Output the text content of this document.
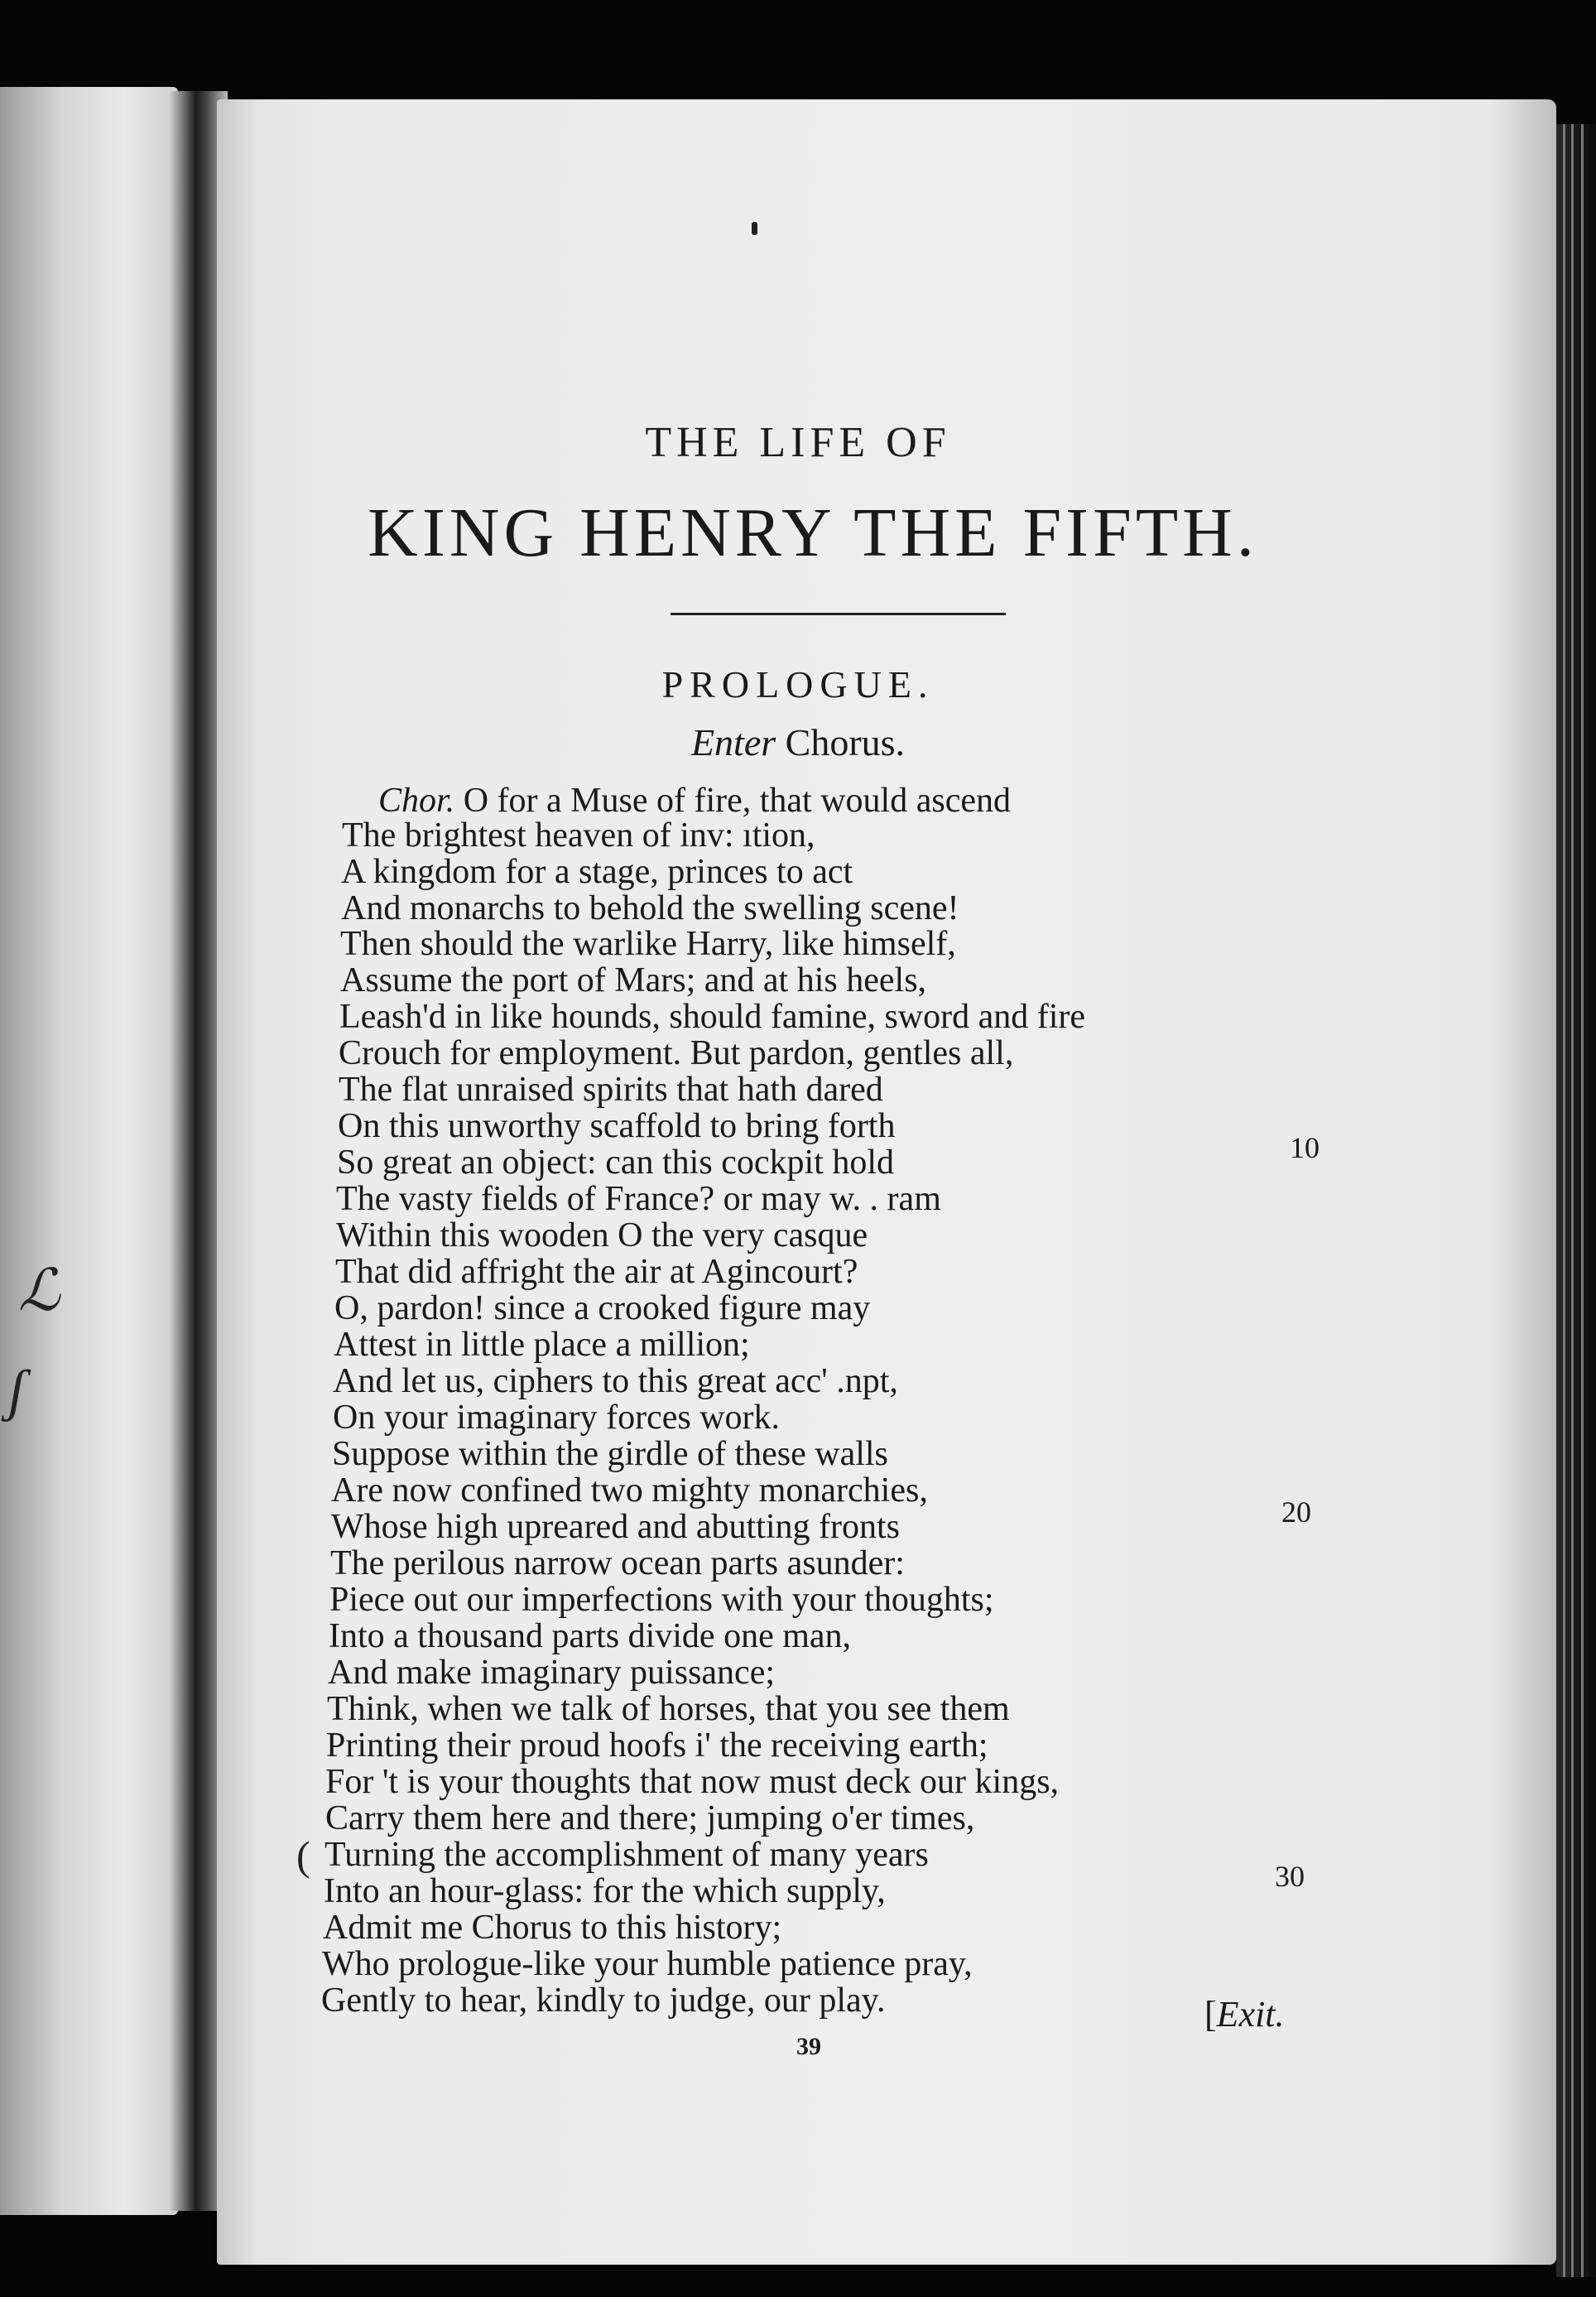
ℒ
ʃ
THE LIFE OF
KING HENRY THE FIFTH.
PROLOGUE.
Enter Chorus.
Chor. O for a Muse of fire, that would ascend
The brightest heaven of inv: ıtion,
A kingdom for a stage, princes to act
And monarchs to behold the swelling scene!
Then should the warlike Harry, like himself,
Assume the port of Mars; and at his heels,
Leash'd in like hounds, should famine, sword and fire
Crouch for employment. But pardon, gentles all,
The flat unraised spirits that hath dared
On this unworthy scaffold to bring forth
So great an object: can this cockpit hold
The vasty fields of France? or may w. . ram
Within this wooden O the very casque
That did affright the air at Agincourt?
O, pardon! since a crooked figure may
Attest in little place a million;
And let us, ciphers to this great acc' .npt,
On your imaginary forces work.
Suppose within the girdle of these walls
Are now confined two mighty monarchies,
Whose high upreared and abutting fronts
The perilous narrow ocean parts asunder:
Piece out our imperfections with your thoughts;
Into a thousand parts divide one man,
And make imaginary puissance;
Think, when we talk of horses, that you see them
Printing their proud hoofs i' the receiving earth;
For 't is your thoughts that now must deck our kings,
Carry them here and there; jumping o'er times,
Turning the accomplishment of many years
Into an hour-glass: for the which supply,
Admit me Chorus to this history;
Who prologue-like your humble patience pray,
Gently to hear, kindly to judge, our play.
10
20
30
(
[Exit.
39
